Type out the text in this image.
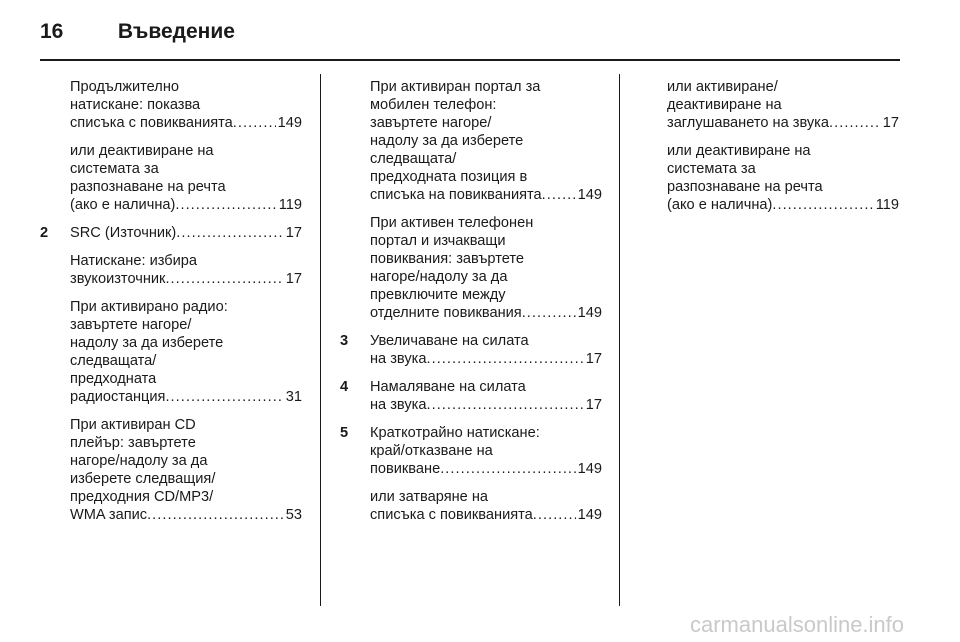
16	Въведение
Продължително
натискане: показва
списъка с повикванията . . .	149
или деактивиране на
системата за
разпознаване на речта
(ако е налична) . . .	119
2 SRC (Източник) . . .	17
Натискане: избира
звукоизточник . . .	17
При активирано радио:
завъртете нагоре/
надолу за да изберете
следващата/
предходната
радиостанция . . .	31
При активиран CD
плейър: завъртете
нагоре/надолу за да
изберете следващия/
предходния CD/MP3/
WMA запис . . .	53
При активиран портал за
мобилен телефон:
завъртете нагоре/
надолу за да изберете
следващата/
предходната позиция в
списъка на повикванията . . . 149
При активен телефонен
портал и изчакващи
повиквания: завъртете
нагоре/надолу за да
превключите между
отделните повиквания . . .	149
3 Увеличаване на силата
на звука . . .	17
4 Намаляване на силата
на звука . . .	17
5 Краткотрайно натискане:
край/отказване на
повикване . . .	149
или затваряне на
списъка с повикванията . . .	149
или активиране/
деактивиране на
заглушаването на звука . . .	17
или деактивиране на
системата за
разпознаване на речта
(ако е налична) . . .	119
carmanualsonline.info
